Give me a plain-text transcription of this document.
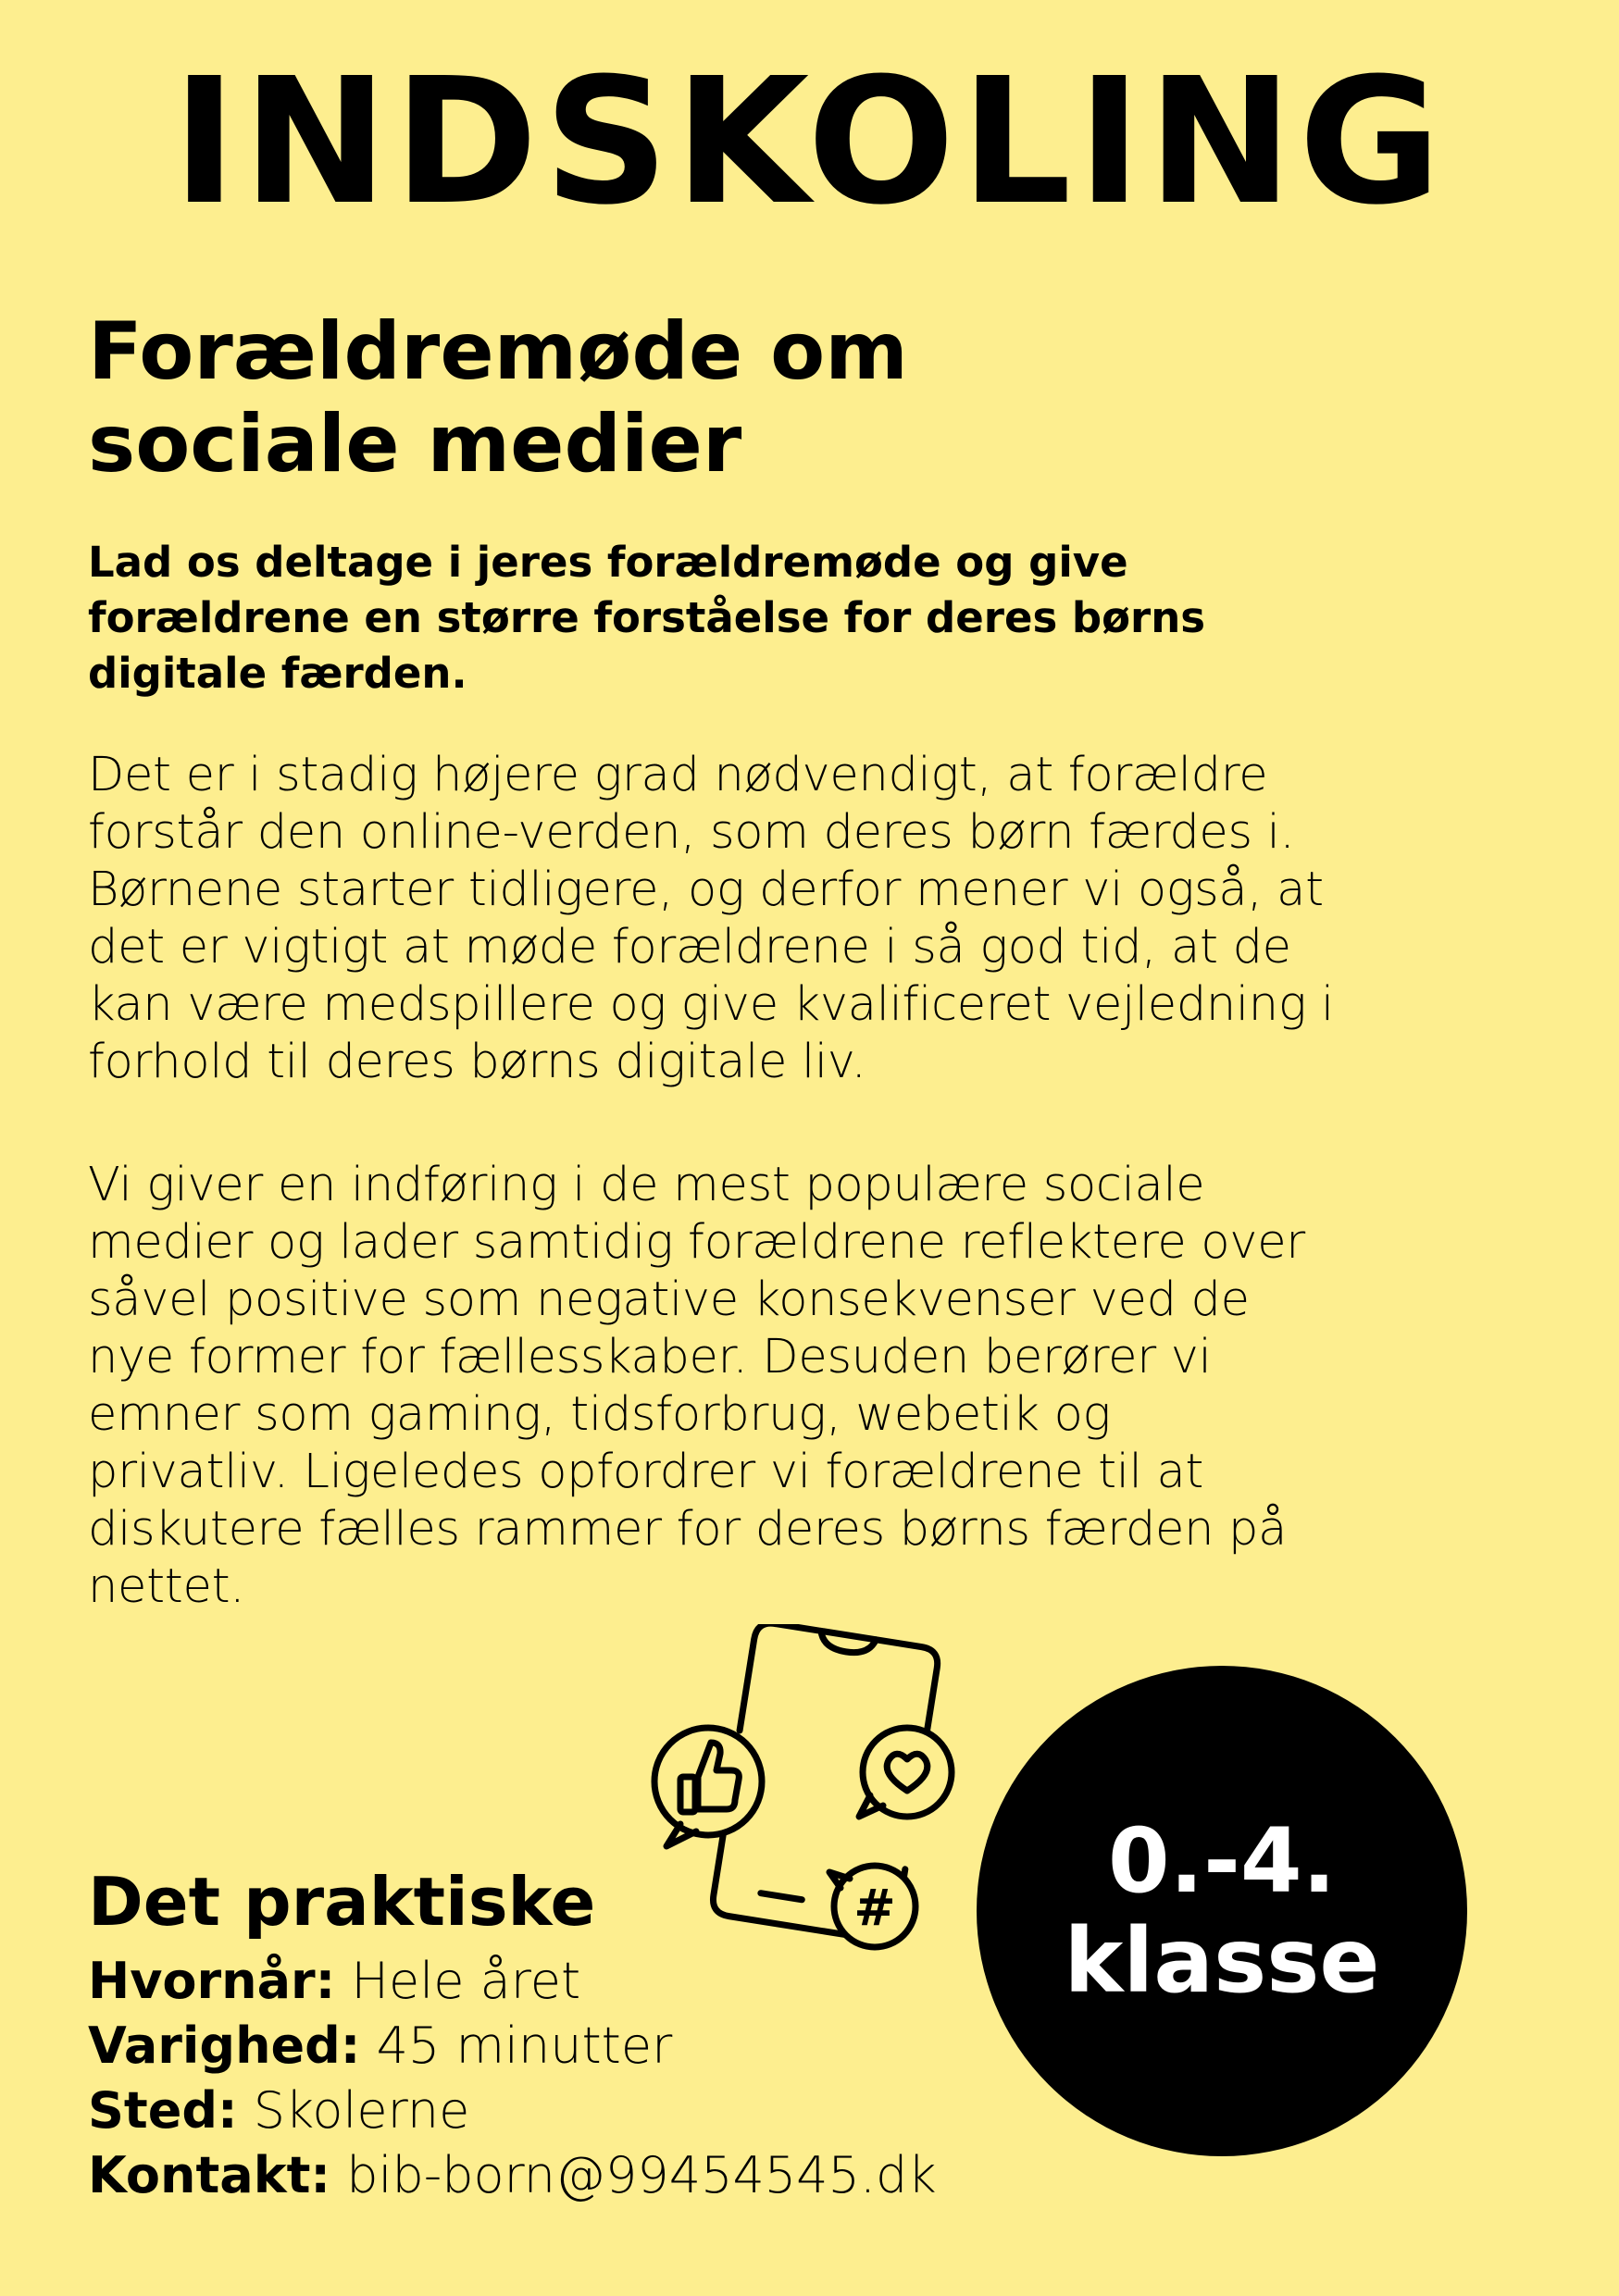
INDSKOLING
Forældremøde om
sociale medier

Lad os deltage i jeres forældremøde og give
forældrene en større forståelse for deres børns
digitale færden.

Det er i stadig højere grad nødvendigt, at forældre
forstår den online-verden, som deres børn færdes i.
Børnene starter tidligere, og derfor mener vi også, at
det er vigtigt at møde forældrene i så god tid, at de
kan være medspillere og give kvalificeret vejledning i
forhold til deres børns digitale liv.

Vi giver en indføring i de mest populære sociale
medier og lader samtidig forældrene reflektere over
såvel positive som negative konsekvenser ved de
nye former for fællesskaber. Desuden berører vi
emner som gaming, tidsforbrug, webetik og
privatliv. Ligeledes opfordrer vi forældrene til at
diskutere fælles rammer for deres børns færden på
nettet.

#
Det praktiske
Hvornår: Hele året
Varighed: 45 minutter
Sted: Skolerne
Kontakt: bib-born@99454545.dk
0.-4.
klasse
